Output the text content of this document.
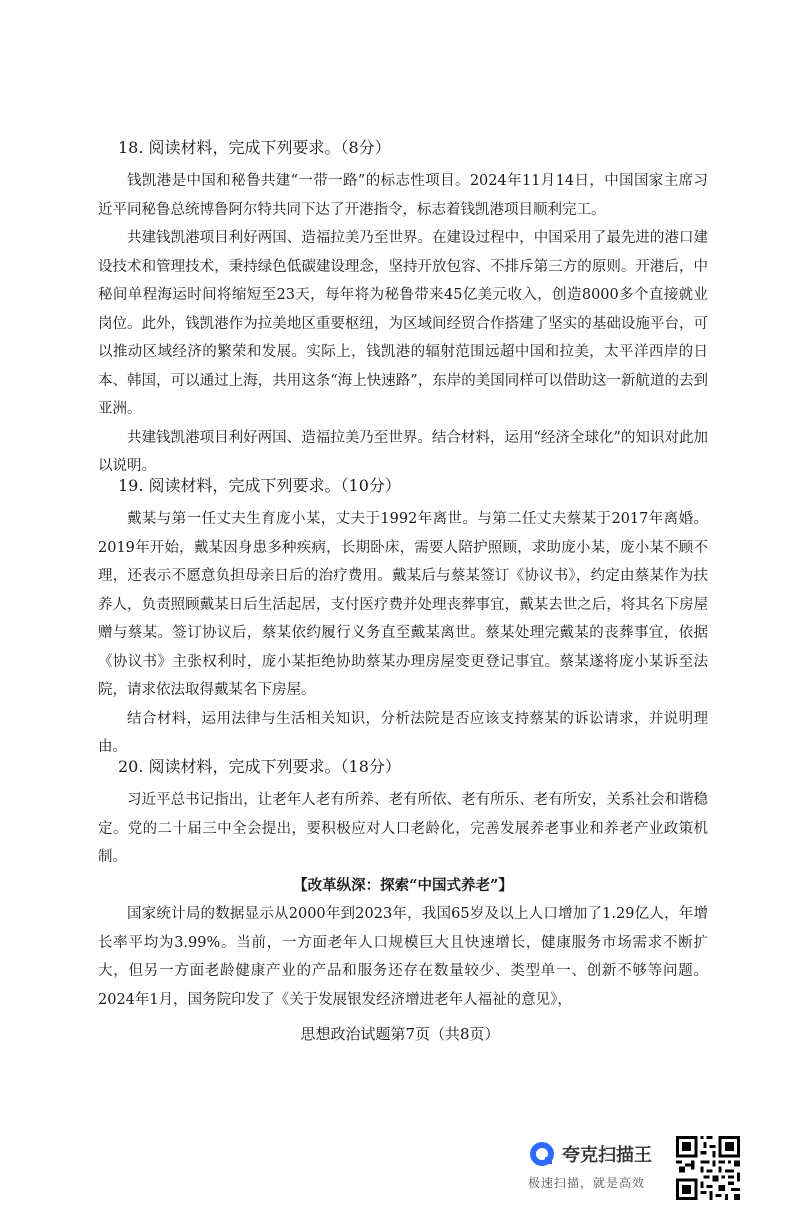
18. 阅读材料，完成下列要求。（8分）

钱凯港是中国和秘鲁共建“一带一路”的标志性项目。2024年11月14日，中国国家主席习近平同秘鲁总统博鲁阿尔特共同下达了开港指令，标志着钱凯港项目顺利完工。

共建钱凯港项目利好两国、造福拉美乃至世界。在建设过程中，中国采用了最先进的港口建设技术和管理技术，秉持绿色低碳建设理念，坚持开放包容、不排斥第三方的原则。开港后，中秘间单程海运时间将缩短至23天，每年将为秘鲁带来45亿美元收入，创造8000多个直接就业岗位。此外，钱凯港作为拉美地区重要枢纽，为区域间经贸合作搭建了坚实的基础设施平台，可以推动区域经济的繁荣和发展。实际上，钱凯港的辐射范围远超中国和拉美，太平洋西岸的日本、韩国，可以通过上海，共用这条“海上快速路”，东岸的美国同样可以借助这一新航道的去到亚洲。

共建钱凯港项目利好两国、造福拉美乃至世界。结合材料，运用“经济全球化”的知识对此加以说明。

19. 阅读材料，完成下列要求。（10分）

戴某与第一任丈夫生育庞小某，丈夫于1992年离世。与第二任丈夫蔡某于2017年离婚。2019年开始，戴某因身患多种疾病，长期卧床，需要人陪护照顾，求助庞小某，庞小某不顾不理，还表示不愿意负担母亲日后的治疗费用。戴某后与蔡某签订《协议书》，约定由蔡某作为扶养人，负责照顾戴某日后生活起居，支付医疗费并处理丧葬事宜，戴某去世之后，将其名下房屋赠与蔡某。签订协议后，蔡某依约履行义务直至戴某离世。蔡某处理完戴某的丧葬事宜，依据《协议书》主张权利时，庞小某拒绝协助蔡某办理房屋变更登记事宜。蔡某遂将庞小某诉至法院，请求依法取得戴某名下房屋。

结合材料，运用法律与生活相关知识，分析法院是否应该支持蔡某的诉讼请求，并说明理由。

20. 阅读材料，完成下列要求。（18分）

习近平总书记指出，让老年人老有所养、老有所依、老有所乐、老有所安，关系社会和谐稳定。党的二十届三中全会提出，要积极应对人口老龄化，完善发展养老事业和养老产业政策机制。

【改革纵深：探索“中国式养老”】

国家统计局的数据显示从2000年到2023年，我国65岁及以上人口增加了1.29亿人，年增长率平均为3.99%。当前，一方面老年人口规模巨大且快速增长，健康服务市场需求不断扩大，但另一方面老龄健康产业的产品和服务还存在数量较少、类型单一、创新不够等问题。2024年1月，国务院印发了《关于发展银发经济增进老年人福祉的意见》，

思想政治试题第7页（共8页）
夸克扫描王
极速扫描，就是高效
